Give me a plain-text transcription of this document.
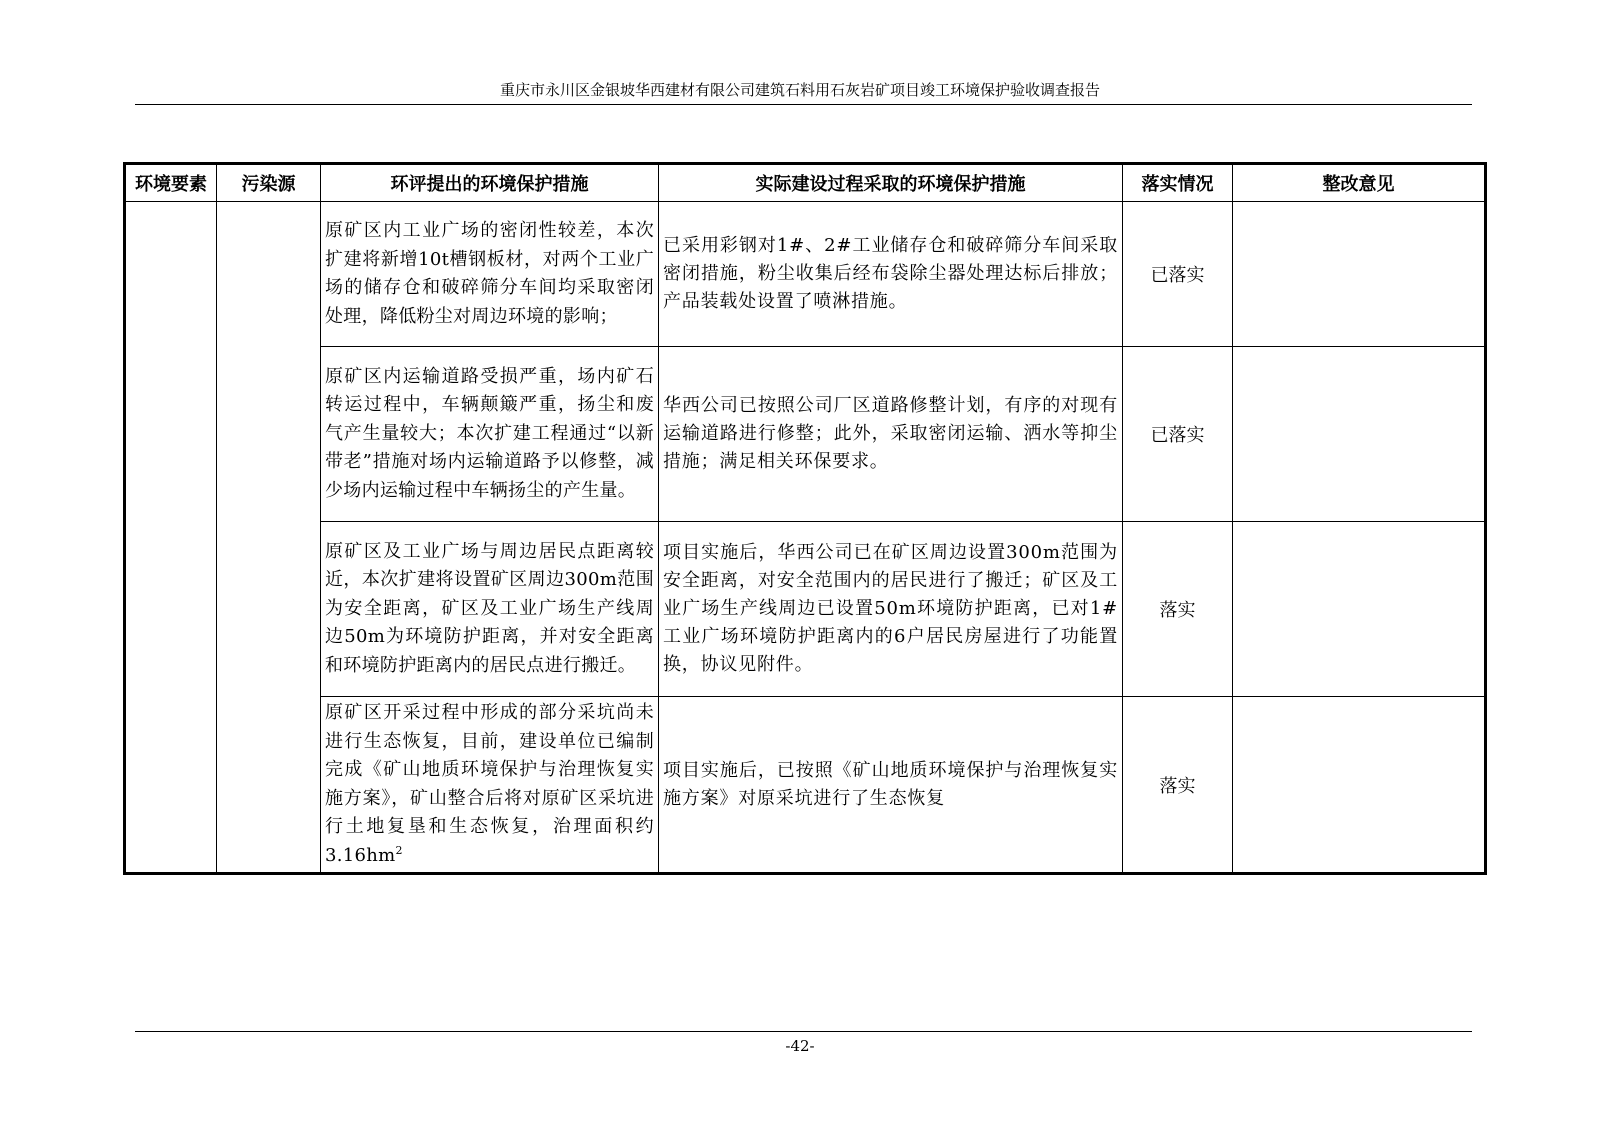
重庆市永川区金银坡华西建材有限公司建筑石料用石灰岩矿项目竣工环境保护验收调查报告
环境要素	污染源	环评提出的环境保护措施	实际建设过程采取的环境保护措施	落实情况	整改意见
		原矿区内工业广场的密闭性较差，本次扩建将新增10t槽钢板材，对两个工业广场的储存仓和破碎筛分车间均采取密闭处理，降低粉尘对周边环境的影响；	已采用彩钢对1#、2#工业储存仓和破碎筛分车间采取密闭措施，粉尘收集后经布袋除尘器处理达标后排放；产品装载处设置了喷淋措施。	已落实	
		原矿区内运输道路受损严重，场内矿石转运过程中，车辆颠簸严重，扬尘和废气产生量较大；本次扩建工程通过“以新带老”措施对场内运输道路予以修整，减少场内运输过程中车辆扬尘的产生量。	华西公司已按照公司厂区道路修整计划，有序的对现有运输道路进行修整；此外，采取密闭运输、洒水等抑尘措施；满足相关环保要求。	已落实	
		原矿区及工业广场与周边居民点距离较近，本次扩建将设置矿区周边300m范围为安全距离，矿区及工业广场生产线周边50m为环境防护距离，并对安全距离和环境防护距离内的居民点进行搬迁。	项目实施后，华西公司已在矿区周边设置300m范围为安全距离，对安全范围内的居民进行了搬迁；矿区及工业广场生产线周边已设置50m环境防护距离，已对1#工业广场环境防护距离内的6户居民房屋进行了功能置换，协议见附件。	落实	
		原矿区开采过程中形成的部分采坑尚未进行生态恢复，目前，建设单位已编制完成《矿山地质环境保护与治理恢复实施方案》，矿山整合后将对原矿区采坑进行土地复垦和生态恢复，治理面积约$3.16hm^2$	项目实施后，已按照《矿山地质环境保护与治理恢复实施方案》对原采坑进行了生态恢复	落实	
-42-
